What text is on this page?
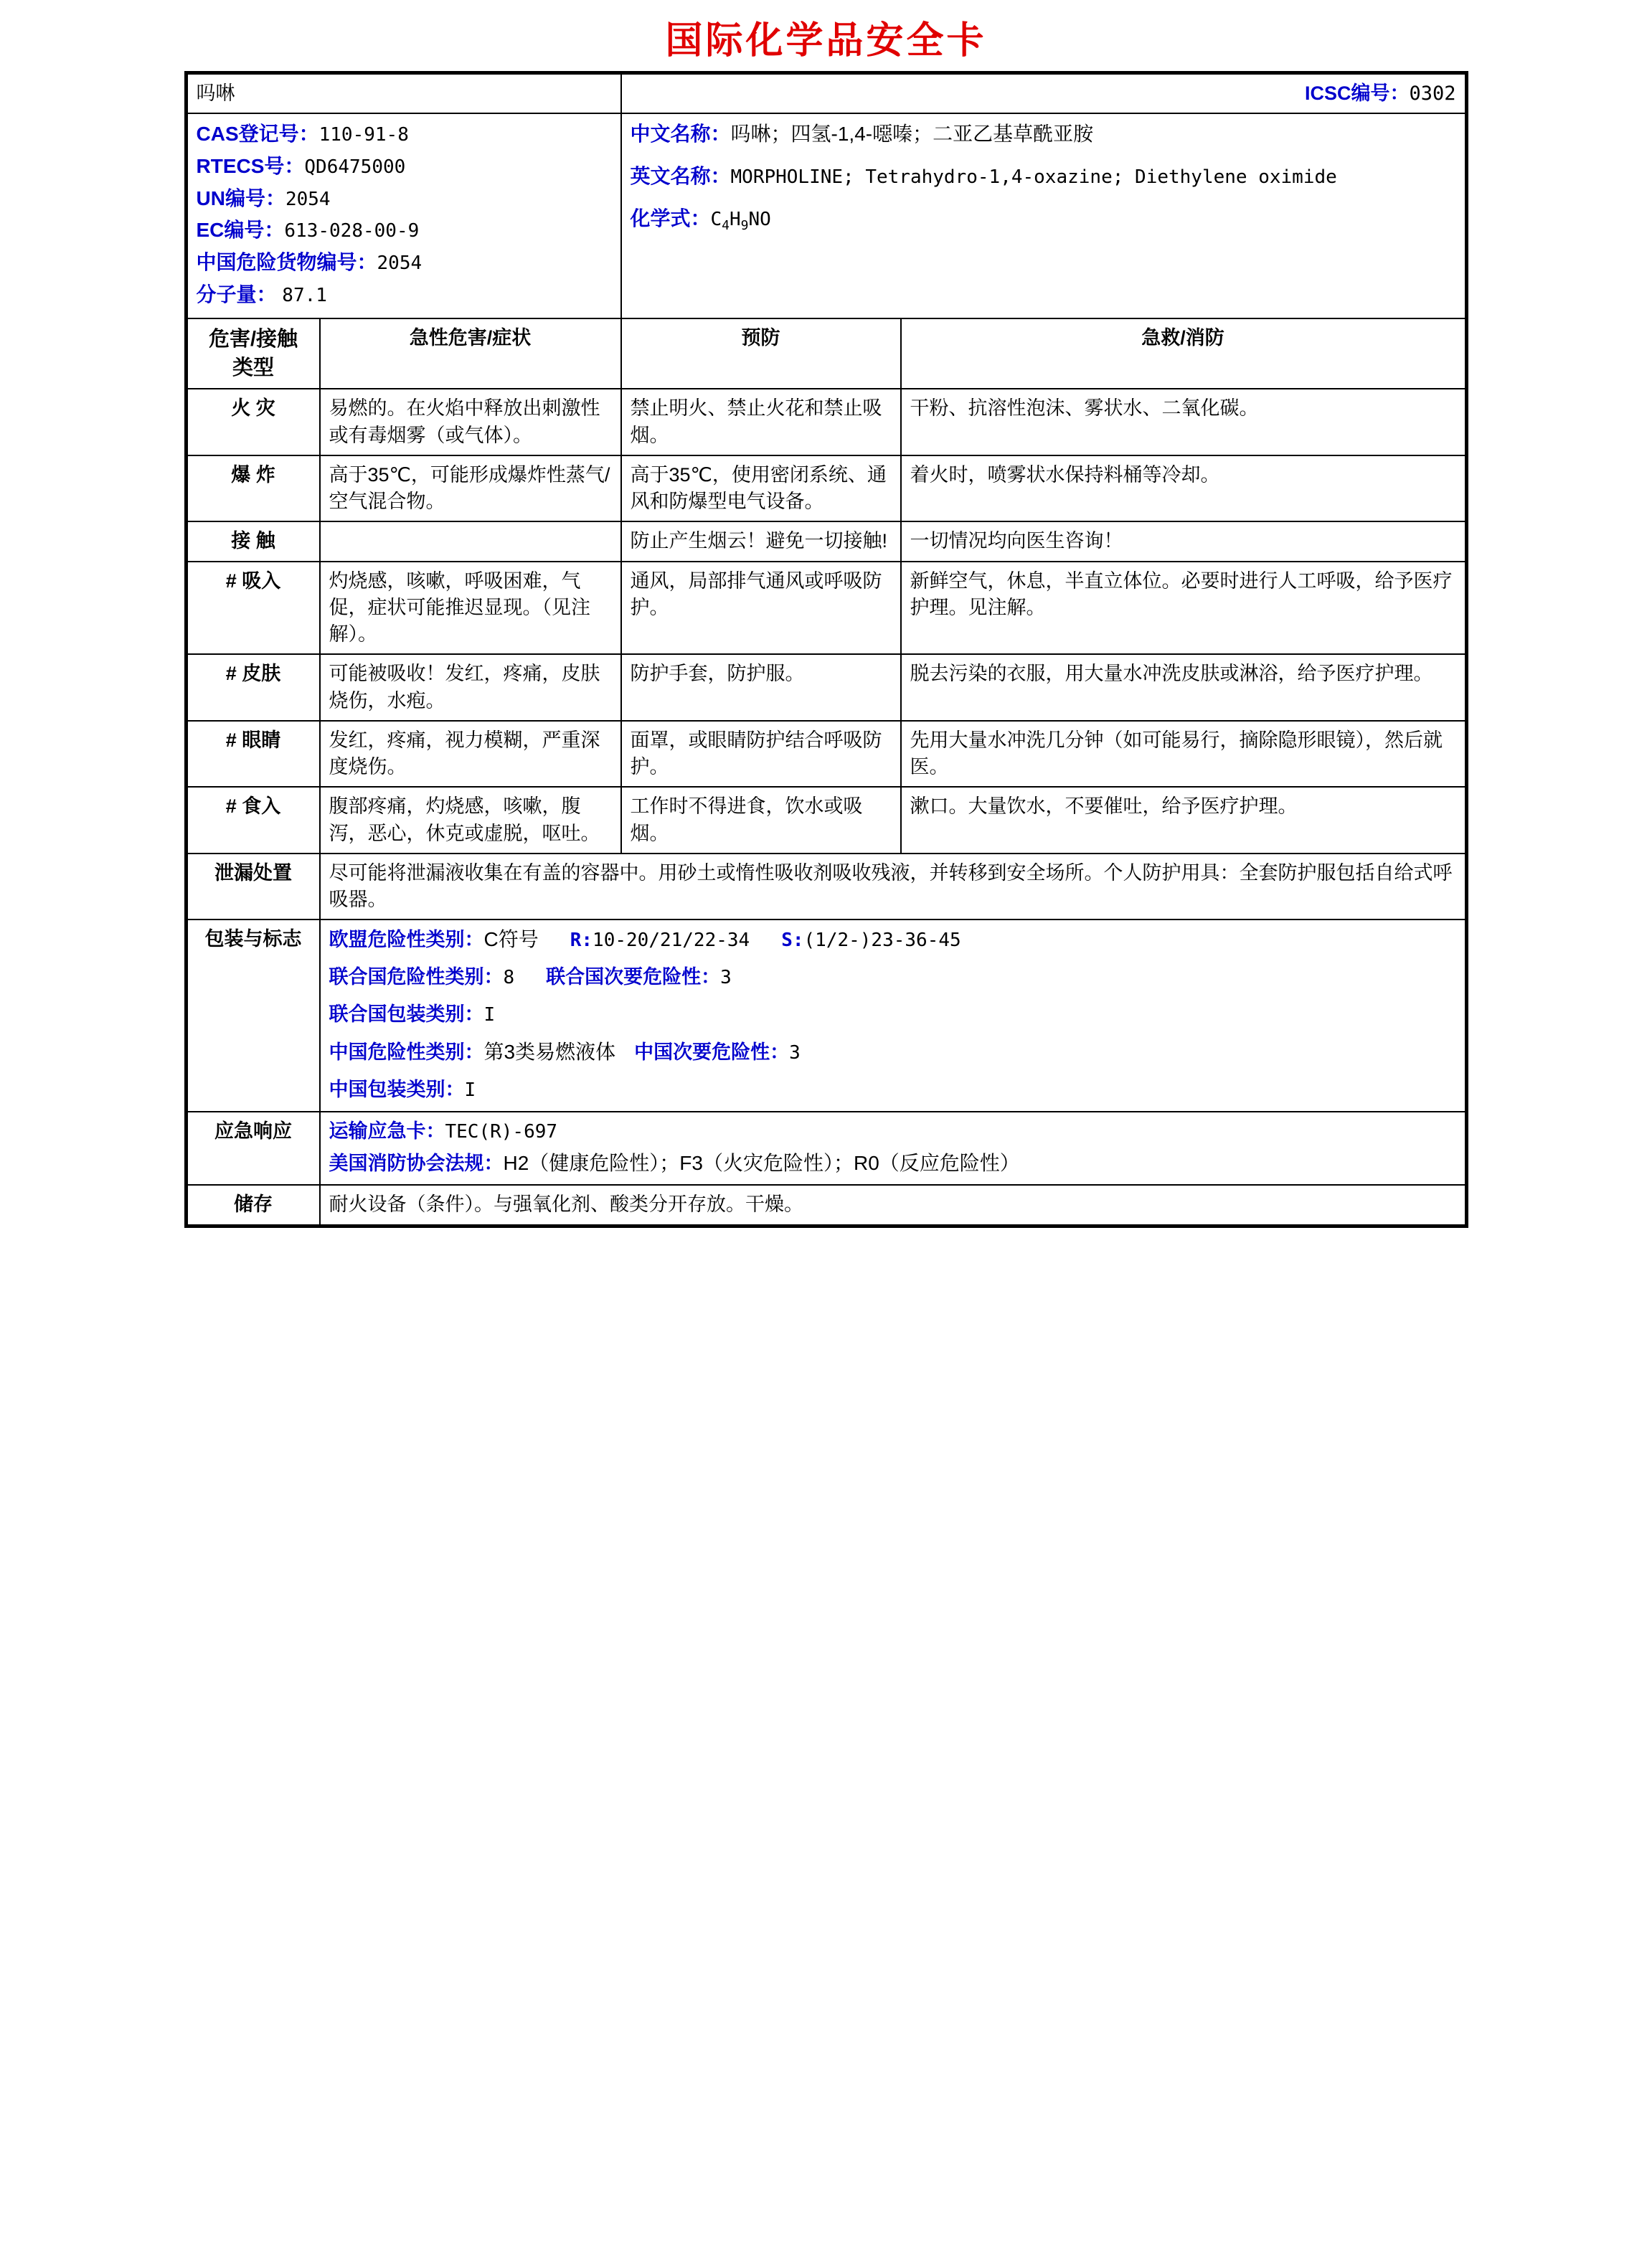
国际化学品安全卡
吗啉		ICSC编号：0302	

CAS登记号：110-91-8
RTECS号：QD6475000
UN编号：2054
EC编号：613-028-00-9
中国危险货物编号：2054
分子量： 87.1

中文名称：吗啉；四氢-1,4-噁嗪；二亚乙基草酰亚胺
英文名称：MORPHOLINE; Tetrahydro-1,4-oxazine; Diethylene oximide
化学式：$C_4H_9NO$

危害/接触
类型	急性危害/症状	预防	急救/消防
火 灾	易燃的。在火焰中释放出刺激性或有毒烟雾（或气体）。	禁止明火、禁止火花和禁止吸烟。	干粉、抗溶性泡沫、雾状水、二氧化碳。
爆 炸	高于35℃，可能形成爆炸性蒸气/空气混合物。	高于35℃，使用密闭系统、通风和防爆型电气设备。	着火时，喷雾状水保持料桶等冷却。
接 触		防止产生烟云！避免一切接触!	一切情况均向医生咨询！
# 吸入	灼烧感，咳嗽，呼吸困难，气促，症状可能推迟显现。（见注解）。	通风，局部排气通风或呼吸防护。	新鲜空气，休息，半直立体位。必要时进行人工呼吸，给予医疗护理。见注解。
# 皮肤	可能被吸收！发红，疼痛，皮肤烧伤，水疱。	防护手套，防护服。	脱去污染的衣服，用大量水冲洗皮肤或淋浴，给予医疗护理。
# 眼睛	发红，疼痛，视力模糊，严重深度烧伤。	面罩，或眼睛防护结合呼吸防护。	先用大量水冲洗几分钟（如可能易行，摘除隐形眼镜），然后就医。
# 食入	腹部疼痛，灼烧感，咳嗽，腹泻，恶心，休克或虚脱，呕吐。	工作时不得进食，饮水或吸烟。	漱口。大量饮水，不要催吐，给予医疗护理。
泄漏处置	尽可能将泄漏液收集在有盖的容器中。用砂土或惰性吸收剂吸收残液，并转移到安全场所。个人防护用具：全套防护服包括自给式呼吸器。		
包装与标志	欧盟危险性类别：C符号 R:10-20/21/22-34 S:(1/2-)23-36-45
联合国危险性类别：8 联合国次要危险性：3
联合国包装类别：I
中国危险性类别：第3类易燃液体 中国次要危险性：3
中国包装类别：I		

应急响应	运输应急卡：TEC(R)-697
美国消防协会法规：H2（健康危险性）；F3（火灾危险性）；R0（反应危险性）		

储存	耐火设备（条件）。与强氧化剂、酸类分开存放。干燥。		
